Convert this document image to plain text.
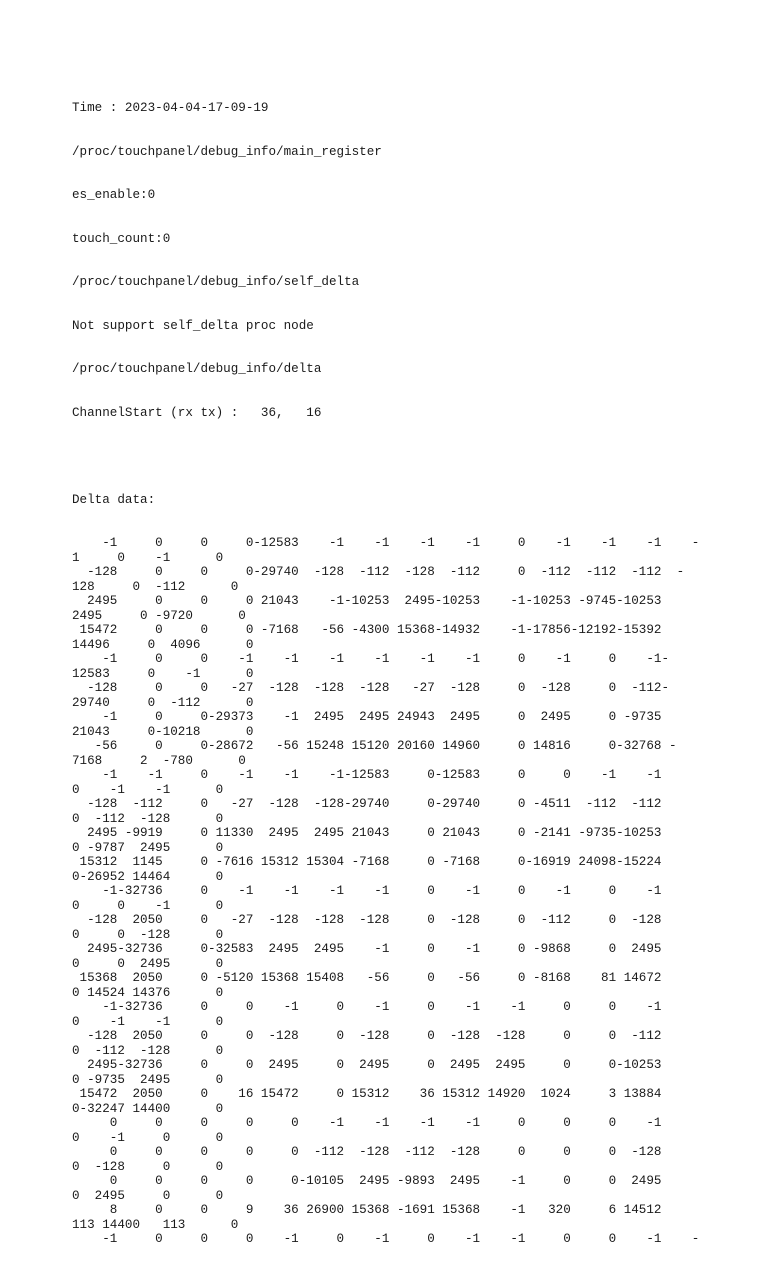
Time : 2023-04-04-17-09-19

/proc/touchpanel/debug_info/main_register

es_enable:0

touch_count:0

/proc/touchpanel/debug_info/self_delta

Not support self_delta proc node

/proc/touchpanel/debug_info/delta

ChannelStart (rx tx) :   36,   16

Delta data:

-1     0     0     0-12583    -1    -1    -1    -1     0    -1    -1    -1    -
1     0    -1      0
-128     0     0     0-29740  -128  -112  -128  -112     0  -112  -112  -112  -
128     0  -112      0
2495     0     0     0 21043    -1-10253  2495-10253    -1-10253 -9745-10253
2495     0 -9720      0
15472     0     0     0 -7168   -56 -4300 15368-14932    -1-17856-12192-15392
14496     0  4096      0
-1     0     0    -1    -1    -1    -1    -1    -1     0    -1     0    -1-
12583     0    -1      0
-128     0     0   -27  -128  -128  -128   -27  -128     0  -128     0  -112-
29740     0  -112      0
-1     0     0-29373    -1  2495  2495 24943  2495     0  2495     0 -9735
21043     0-10218      0
-56     0     0-28672   -56 15248 15120 20160 14960     0 14816     0-32768 -
7168     2  -780      0
-1    -1     0    -1    -1    -1-12583     0-12583     0     0    -1    -1
0    -1    -1      0
-128  -112     0   -27  -128  -128-29740     0-29740     0 -4511  -112  -112
0  -112  -128      0
2495 -9919     0 11330  2495  2495 21043     0 21043     0 -2141 -9735-10253
0 -9787  2495      0
15312  1145     0 -7616 15312 15304 -7168     0 -7168     0-16919 24098-15224
0-26952 14464      0
-1-32736     0    -1    -1    -1    -1     0    -1     0    -1     0    -1
0     0    -1      0
-128  2050     0   -27  -128  -128  -128     0  -128     0  -112     0  -128
0     0  -128      0
2495-32736     0-32583  2495  2495    -1     0    -1     0 -9868     0  2495
0     0  2495      0
15368  2050     0 -5120 15368 15408   -56     0   -56     0 -8168    81 14672
0 14524 14376      0
-1-32736     0     0    -1     0    -1     0    -1    -1     0     0    -1
0    -1    -1      0
-128  2050     0     0  -128     0  -128     0  -128  -128     0     0  -112
0  -112  -128      0
2495-32736     0     0  2495     0  2495     0  2495  2495     0     0-10253
0 -9735  2495      0
15472  2050     0    16 15472     0 15312    36 15312 14920  1024     3 13884
0-32247 14400      0
0     0     0     0     0    -1    -1    -1    -1     0     0     0    -1
0    -1     0      0
0     0     0     0     0  -112  -128  -112  -128     0     0     0  -128
0  -128     0      0
0     0     0     0     0-10105  2495 -9893  2495    -1     0     0  2495
0  2495     0      0
8     0     0     9    36 26900 15368 -1691 15368    -1   320     6 14512
113 14400   113      0
-1     0     0     0    -1     0    -1     0    -1    -1     0     0    -1    -
